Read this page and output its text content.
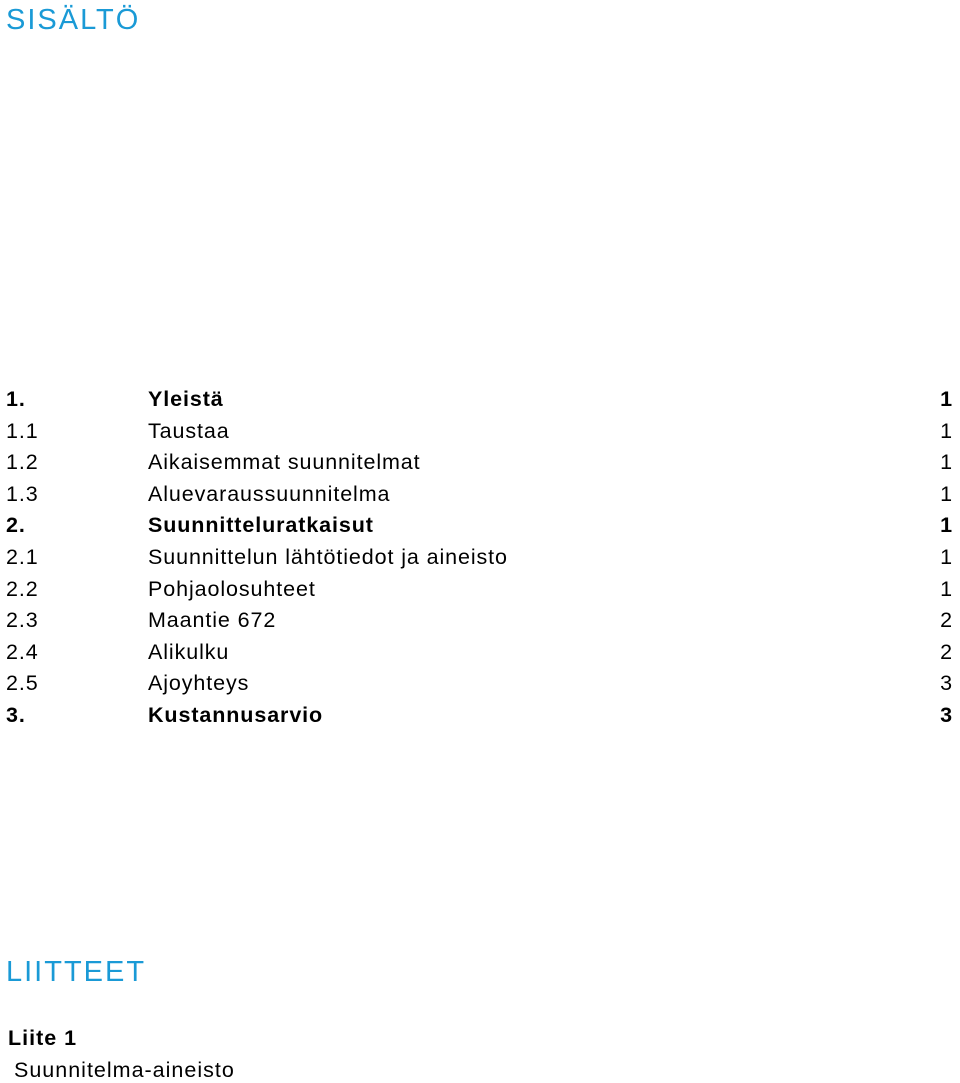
SISÄLTÖ
1.	Yleistä	1
1.1	Taustaa	1
1.2	Aikaisemmat suunnitelmat	1
1.3	Aluevaraussuunnitelma	1
2.	Suunnitteluratkaisut	1
2.1	Suunnittelun lähtötiedot ja aineisto	1
2.2	Pohjaolosuhteet	1
2.3	Maantie 672	2
2.4	Alikulku	2
2.5	Ajoyhteys	3
3.	Kustannusarvio	3
LIITTEET
Liite 1
Suunnitelma-aineisto
